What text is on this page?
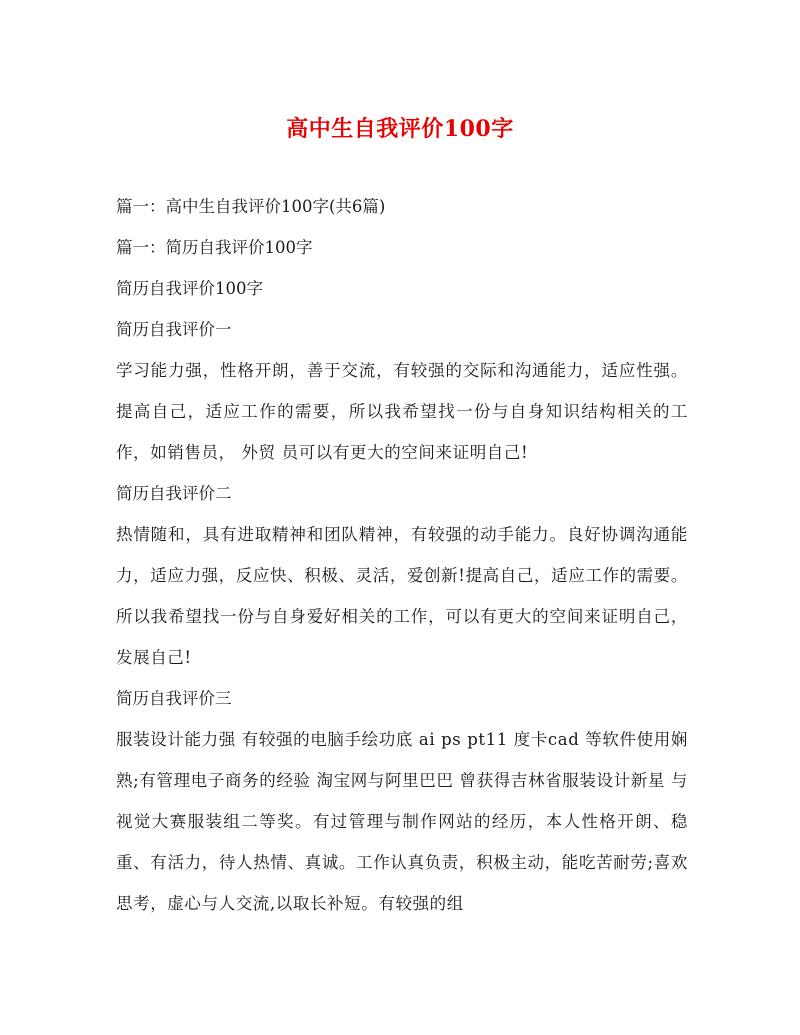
高中生自我评价100字

篇一：高中生自我评价100字(共6篇)

篇一：简历自我评价100字

简历自我评价100字

简历自我评价一

学习能力强，性格开朗，善于交流，有较强的交际和沟通能力，适应性强。提高自己，适应工作的需要，所以我希望找一份与自身知识结构相关的工作，如销售员， 外贸 员可以有更大的空间来证明自己!

简历自我评价二

热情随和，具有进取精神和团队精神，有较强的动手能力。良好协调沟通能力，适应力强，反应快、积极、灵活，爱创新!提高自己，适应工作的需要。所以我希望找一份与自身爱好相关的工作，可以有更大的空间来证明自己，发展自己!

简历自我评价三

服装设计能力强 有较强的电脑手绘功底 ai ps pt11 度卡cad 等软件使用娴熟;有管理电子商务的经验 淘宝网与阿里巴巴 曾获得吉林省服装设计新星 与视觉大赛服装组二等奖。有过管理与制作网站的经历，本人性格开朗、稳重、有活力，待人热情、真诚。工作认真负责，积极主动，能吃苦耐劳;喜欢思考，虚心与人交流,以取长补短。有较强的组
